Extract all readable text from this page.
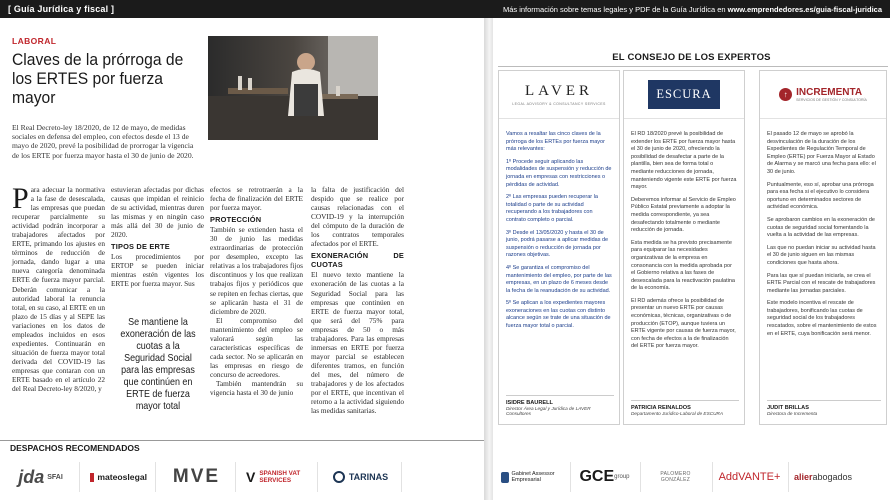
[ Guía Jurídica y fiscal ]	Más información sobre temas legales y PDF de la Guía Jurídica en www.emprendedores.es/guia-fiscal-juridica
LABORAL
Claves de la prórroga de los ERTES por fuerza mayor

El Real Decreto-ley 18/2020, de 12 de mayo, de medidas sociales en defensa del empleo, con efectos desde el 13 de mayo de 2020, prevé la posibilidad de prorrogar la vigencia de los ERTE por fuerza mayor hasta el 30 de junio de 2020.

Para adecuar la normativa a la fase de desescalada, las empresas que puedan recuperar parcialmente su actividad podrán incorporar a trabajadores afectados por ERTE, primando los ajustes en términos de reducción de jornada, dando lugar a una nueva categoría denominada ERTE de fuerza mayor parcial. Deberán comunicar a la autoridad laboral la renuncia total, en su caso, al ERTE en un plazo de 15 días y al SEPE las variaciones en los datos de empleados incluidos en esos expedientes. Continuarán en situación de fuerza mayor total derivada del COVID-19 las empresas que contaran con un ERTE basado en el artículo 22 del Real Decreto-ley 8/2020, y

estuvieran afectadas por dichas causas que impidan el reinicio de su actividad, mientras duren las mismas y en ningún caso más allá del 30 de junio de 2020.

TIPOS DE ERTE

Los procedimientos por ERTOP se pueden iniciar mientras estén vigentes los ERTE por fuerza mayor. Sus

Se mantiene la exoneración de las cuotas a la Seguridad Social para las empresas que continúen en ERTE de fuerza mayor total

efectos se retrotraerán a la fecha de finalización del ERTE por fuerza mayor.

PROTECCIÓN

También se extienden hasta el 30 de junio las medidas extraordinarias de protección por desempleo, excepto las relativas a los trabajadores fijos discontinuos y los que realizan trabajos fijos y periódicos que se repiten en fechas ciertas, que se aplicarán hasta el 31 de diciembre de 2020.

El compromiso del mantenimiento del empleo se valorará según las características específicas de cada sector. No se aplicarán en las empresas en riesgo de concurso de acreedores.

También mantendrán su vigencia hasta el 30 de junio

la falta de justificación del despido que se realice por causas relacionadas con el COVID-19 y la interrupción del cómputo de la duración de los contratos temporales afectados por el ERTE.

EXONERACIÓN DE CUOTAS

El nuevo texto mantiene la exoneración de las cuotas a la Seguridad Social para las empresas que continúen en ERTE de fuerza mayor total, que será del 75% para empresas de 50 o más trabajadores. Para las empresas inmersas en ERTE por fuerza mayor parcial se establecen diferentes tramos, en función del mes, del número de trabajadores y de los afectados por el ERTE, que incentivan el retorno a la actividad siguiendo las medidas sanitarias.

EL CONSEJO DE LOS EXPERTOS
LAVER
LEGAL ADVISORY & CONSULTANCY SERVICES

Vamos a resaltar las cinco claves de la prórroga de los ERTEs por fuerza mayor más relevantes:

1º Procede seguir aplicando las modalidades de suspensión y reducción de jornada en empresas con restricciones o pérdidas de actividad.

2º Las empresas pueden recuperar la totalidad o parte de su actividad recuperando a los trabajadores con contrato completo o parcial.

3º Desde el 13/05/2020 y hasta el 30 de junio, podrá pasarse a aplicar medidas de suspensión o reducción de jornada por razones objetivas.

4º Se garantiza el compromiso del mantenimiento del empleo, por parte de las empresas, en un plazo de 6 meses desde la fecha de la reanudación de su actividad.

5º Se aplican a los expedientes mayores exoneraciones en las cuotas con distinto alcance según se trate de una situación de fuerza mayor total o parcial.

ISIDRE BAURELL
Director Área Legal y Jurídica de LAVER Consultores
ESCURA

El RD 18/2020 prevé la posibilidad de extender los ERTE por fuerza mayor hasta el 30 de junio de 2020, ofreciendo la posibilidad de desafectar a parte de la plantilla, bien sea de forma total o mediante reducciones de jornada, manteniendo vigente este ERTE por fuerza mayor.

Deberemos informar al Servicio de Empleo Público Estatal previamente a adoptar la medida correspondiente, ya sea desafectando totalmente o mediante reducción de jornada.

Esta medida se ha previsto precisamente para equiparar las necesidades organizativas de la empresa en consonancia con la medida aprobada por el Gobierno relativa a las fases de desescalada para la reactivación paulatina de la economía.

El RD además ofrece la posibilidad de presentar un nuevo ERTE por causas económicas, técnicas, organizativas o de producción (ETOP), aunque tuviera un ERTE vigente por causas de fuerza mayor, con fecha de efectos a la de finalización del ERTE por fuerza mayor.

PATRICIA REINALDOS
Departamento Jurídico-Laboral de ESCURA
↑ INCREMENTA
SERVICIOS DE GESTIÓN Y CONSULTORÍA

El pasado 12 de mayo se aprobó la desvinculación de la duración de los Expedientes de Regulación Temporal de Empleo (ERTE) por Fuerza Mayor al Estado de Alarma y se marcó una fecha para ello: el 30 de junio.

Puntualmente, eso sí, aprobar una prórroga para esa fecha si el ejecutivo lo considera oportuno en determinados sectores de actividad económica.

Se aprobaron cambios en la exoneración de cuotas de seguridad social fomentando la vuelta a la actividad de las empresas.

Las que no puedan iniciar su actividad hasta el 30 de junio siguen en las mismas condiciones que hasta ahora.

Para las que sí puedan iniciarla, se crea el ERTE Parcial con el rescate de trabajadores mediante las jornadas parciales.

Este modelo incentiva el rescate de trabajadores, bonificando las cuotas de seguridad social de los trabajadores rescatados, sobre el mantenimiento de estos en el ERTE, cuya bonificación será menor.

JUDIT BRILLAS
Directora de Incrementa
DESPACHOS RECOMENDADOS
jda SFAI	mateoslegal MVE V SPANISH VAT SERVICES	TARINAS	Gabinet Assessor Empresarial	GCE group	PALOMERO GONZÁLEZ	AddVANTE + alier abogados
